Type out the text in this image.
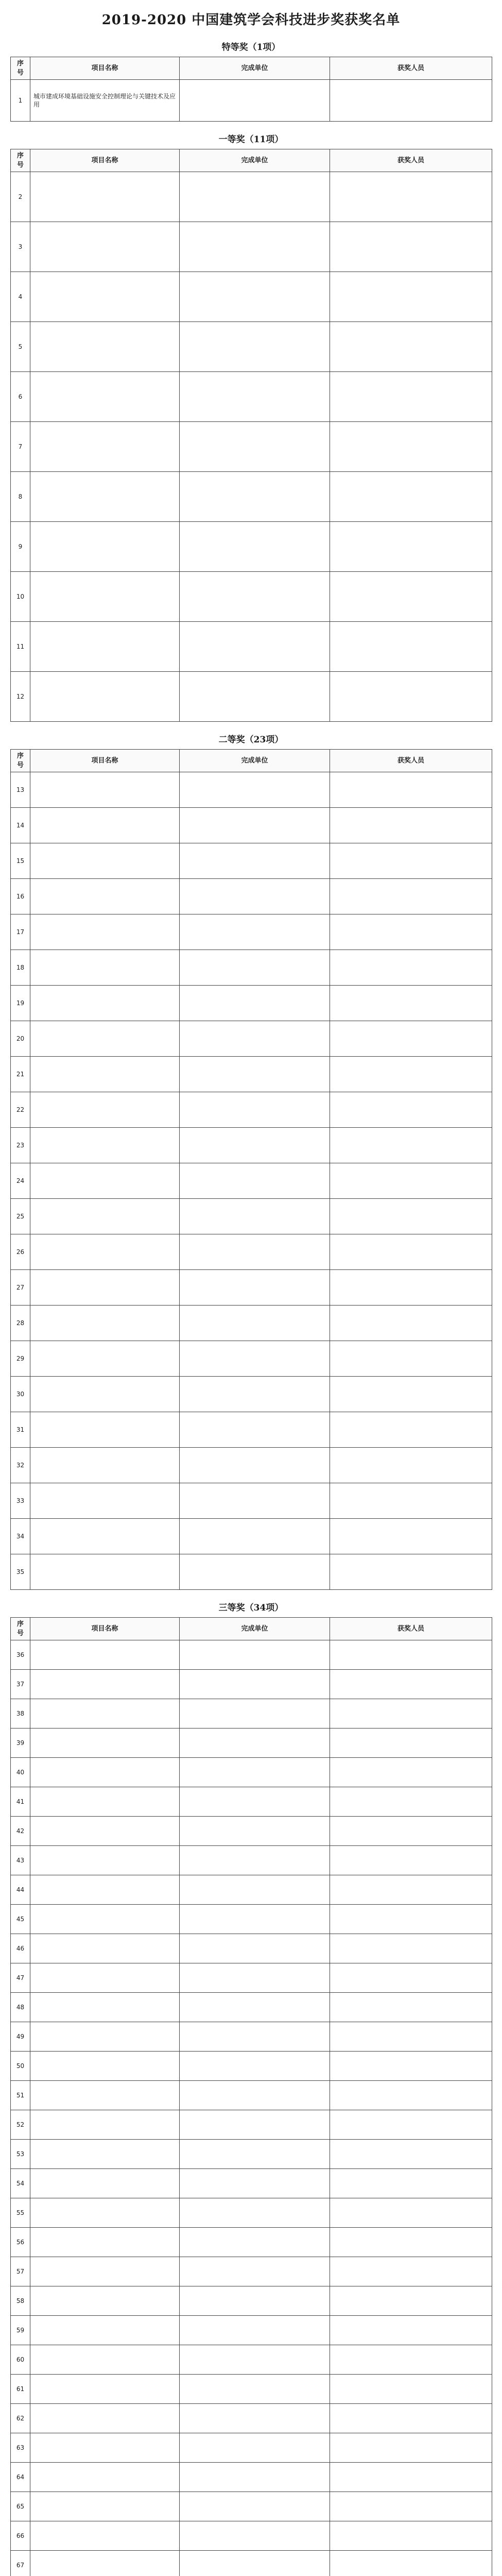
2019-2020 中国建筑学会科技进步奖获奖名单
特等奖（1项）
序号	项目名称	完成单位	获奖人员
1	城市建成环境基础设施安全控制理论与关键技术及应用		
一等奖（11项）
序号	项目名称	完成单位	获奖人员
2			
3			
4			
5			
6			
7			
8			
9			
10			
11			
12			
二等奖（23项）
序号	项目名称	完成单位	获奖人员
13			
14			
15			
16			
17			
18			
19			
20			
21			
22			
23			
24			
25			
26			
27			
28			
29			
30			
31			
32			
33			
34			
35			
三等奖（34项）
序号	项目名称	完成单位	获奖人员
36			
37			
38			
39			
40			
41			
42			
43			
44			
45			
46			
47			
48			
49			
50			
51			
52			
53			
54			
55			
56			
57			
58			
59			
60			
61			
62			
63			
64			
65			
66			
67			
